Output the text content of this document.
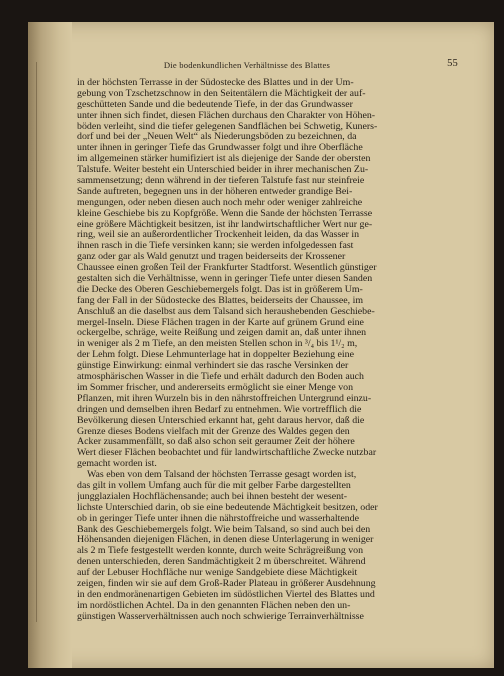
Die bodenkundlichen Verhältnisse des Blattes	55
in der höchsten Terrasse in der Südostecke des Blattes und in der Um-
gebung von Tzschetzschnow in den Seitentälern die Mächtigkeit der auf-
geschütteten Sande und die bedeutende Tiefe, in der das Grundwasser
unter ihnen sich findet, diesen Flächen durchaus den Charakter von Höhen-
böden verleiht, sind die tiefer gelegenen Sandflächen bei Schwetig, Kuners-
dorf und bei der „Neuen Welt“ als Niederungsböden zu bezeichnen, da
unter ihnen in geringer Tiefe das Grundwasser folgt und ihre Oberfläche
im allgemeinen stärker humifiziert ist als diejenige der Sande der obersten
Talstufe. Weiter besteht ein Unterschied beider in ihrer mechanischen Zu-
sammensetzung; denn während in der tieferen Talstufe fast nur steinfreie
Sande auftreten, begegnen uns in der höheren entweder grandige Bei-
mengungen, oder neben diesen auch noch mehr oder weniger zahlreiche
kleine Geschiebe bis zu Kopfgröße. Wenn die Sande der höchsten Terrasse
eine größere Mächtigkeit besitzen, ist ihr landwirtschaftlicher Wert nur ge-
ring, weil sie an außerordentlicher Trockenheit leiden, da das Wasser in
ihnen rasch in die Tiefe versinken kann; sie werden infolgedessen fast
ganz oder gar als Wald genutzt und tragen beiderseits der Krossener
Chaussee einen großen Teil der Frankfurter Stadtforst. Wesentlich günstiger
gestalten sich die Verhältnisse, wenn in geringer Tiefe unter diesen Sanden
die Decke des Oberen Geschiebemergels folgt. Das ist in größerem Um-
fang der Fall in der Südostecke des Blattes, beiderseits der Chaussee, im
Anschluß an die daselbst aus dem Talsand sich heraushebenden Geschiebe-
mergel-Inseln. Diese Flächen tragen in der Karte auf grünem Grund eine
ockergelbe, schräge, weite Reißung und zeigen damit an, daß unter ihnen
in weniger als 2 m Tiefe, an den meisten Stellen schon in ³/₄ bis 1¹/₂ m,
der Lehm folgt. Diese Lehmunterlage hat in doppelter Beziehung eine
günstige Einwirkung: einmal verhindert sie das rasche Versinken der
atmosphärischen Wasser in die Tiefe und erhält dadurch den Boden auch
im Sommer frischer, und andererseits ermöglicht sie einer Menge von
Pflanzen, mit ihren Wurzeln bis in den nährstoffreichen Untergrund einzu-
dringen und demselben ihren Bedarf zu entnehmen. Wie vortrefflich die
Bevölkerung diesen Unterschied erkannt hat, geht daraus hervor, daß die
Grenze dieses Bodens vielfach mit der Grenze des Waldes gegen den
Acker zusammenfällt, so daß also schon seit geraumer Zeit der höhere
Wert dieser Flächen beobachtet und für landwirtschaftliche Zwecke nutzbar
gemacht worden ist.
Was eben von dem Talsand der höchsten Terrasse gesagt worden ist,
das gilt in vollem Umfang auch für die mit gelber Farbe dargestellten
jungglazialen Hochflächensande; auch bei ihnen besteht der wesent-
lichste Unterschied darin, ob sie eine bedeutende Mächtigkeit besitzen, oder
ob in geringer Tiefe unter ihnen die nährstoffreiche und wasserhaltende
Bank des Geschiebemergels folgt. Wie beim Talsand, so sind auch bei den
Höhensanden diejenigen Flächen, in denen diese Unterlagerung in weniger
als 2 m Tiefe festgestellt werden konnte, durch weite Schrägreißung von
denen unterschieden, deren Sandmächtigkeit 2 m überschreitet. Während
auf der Lebuser Hochfläche nur wenige Sandgebiete diese Mächtigkeit
zeigen, finden wir sie auf dem Groß-Rader Plateau in größerer Ausdehnung
in den endmoränenartigen Gebieten im südöstlichen Viertel des Blattes und
im nordöstlichen Achtel. Da in den genannten Flächen neben den un-
günstigen Wasserverhältnissen auch noch schwierige Terrainverhältnisse
